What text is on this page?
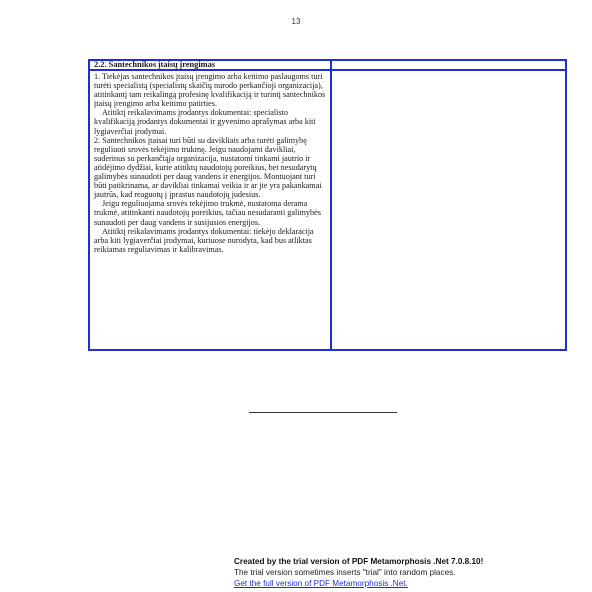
13
2.2. Santechnikos įtaisų įrengimas

1. Tiekėjas santechnikos įtaisų įrengimo arba keitimo paslaugoms turi turėti specialistą (specialistų skaičių nurodo perkančioji organizacija), atitinkantį tam reikalingą profesinę kvalifikaciją ir turintį santechnikos įtaisų įrengimo arba keitimo patirties.

Atitiktį reikalavimams įrodantys dokumentai: specialisto kvalifikaciją įrodantys dokumentai ir gyvenimo aprašymas arba kiti lygiaverčiai įrodymai.

2. Santechnikos įtaisai turi būti su davikliais arba turėti galimybę reguliuoti srovės tekėjimo trukmę. Jeigu naudojami davikliai, suderinus su perkančiąja organizacija, nustatomi tinkami jautrio ir atidėjimo dydžiai, kurie atitiktų naudotojų poreikius, bet nesudarytų galimybės sunaudoti per daug vandens ir energijos. Montuojant turi būti patikrinama, ar davikliai tinkamai veikia ir ar jie yra pakankamai jautrūs, kad reaguotų į įprastus naudotojų judesius.

Jeigu reguliuojama srovės tekėjimo trukmė, nustatoma derama trukmė, atitinkanti naudotojų poreikius, tačiau nesudaranti galimybės sunaudoti per daug vandens ir susijusios energijos.

Atitiktį reikalavimams įrodantys dokumentai: tiekėjo deklaracija arba kiti lygiaverčiai įrodymai, kuriuose nurodyta, kad bus atliktas reikiamas reguliavimas ir kalibravimas.

Created by the trial version of PDF Metamorphosis .Net 7.0.8.10!
The trial version sometimes inserts "trial" into random places.
Get the full version of PDF Metamorphosis .Net.
